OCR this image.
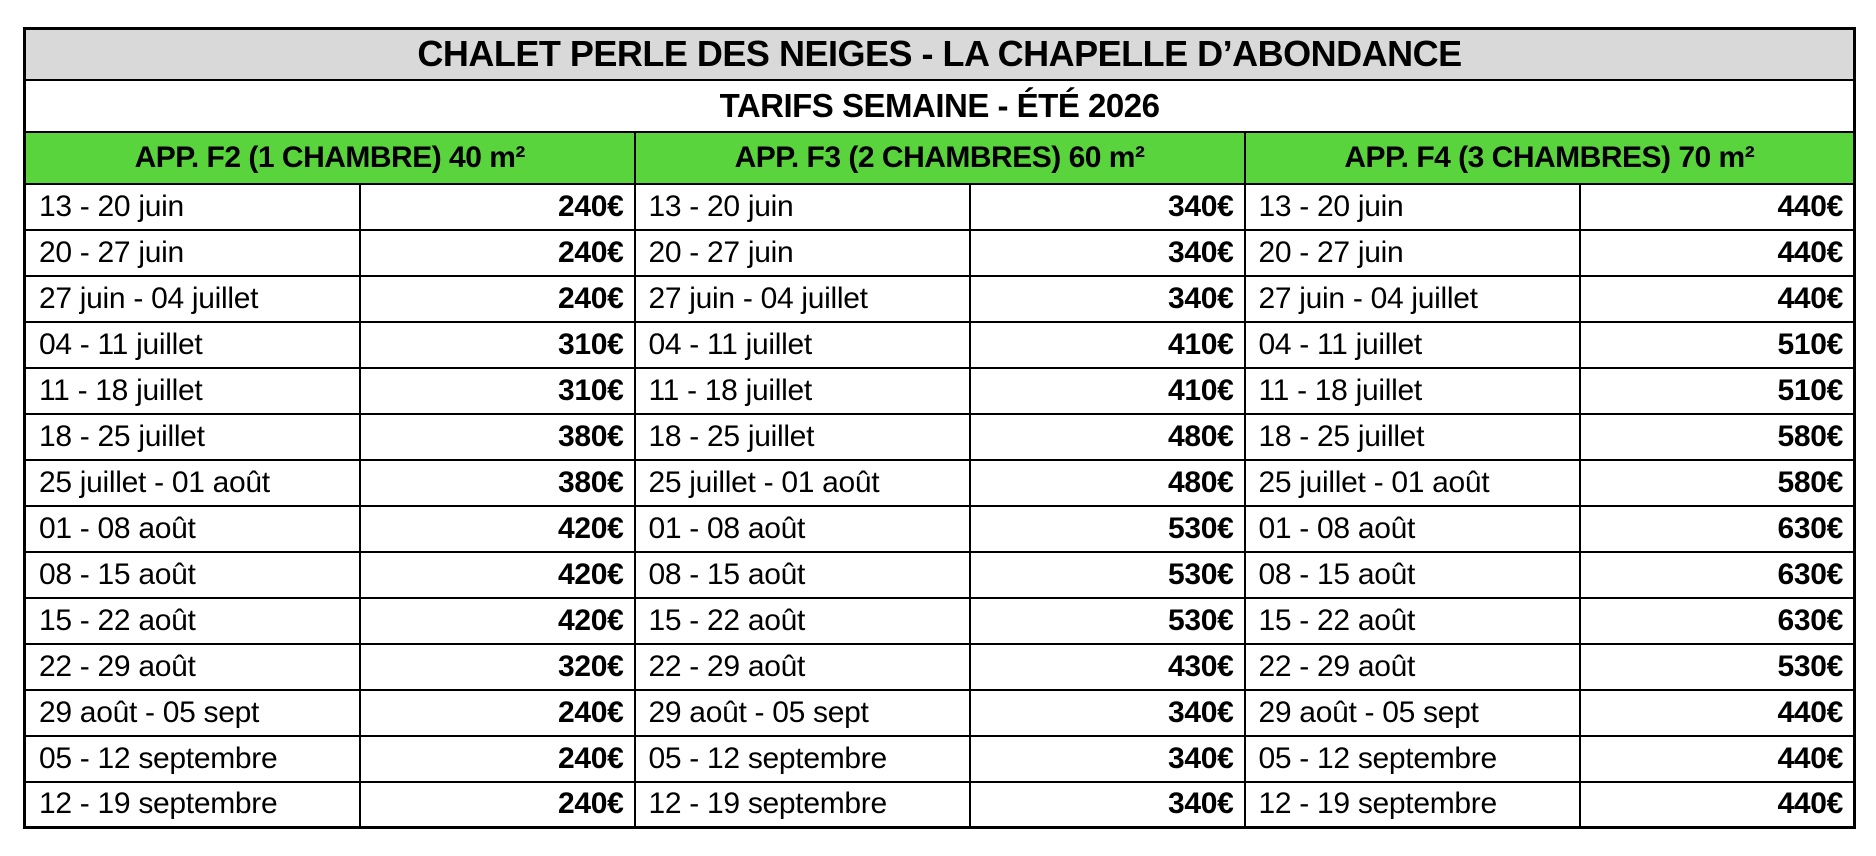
CHALET PERLE DES NEIGES - LA CHAPELLE D’ABONDANCE					
TARIFS SEMAINE - ÉTÉ 2026					
APP. F2 (1 CHAMBRE) 40 m²		APP. F3 (2 CHAMBRES) 60 m²		APP. F4 (3 CHAMBRES) 70 m²	
13 - 20 juin	240€	13 - 20 juin	340€	13 - 20 juin	440€
20 - 27 juin	240€	20 - 27 juin	340€	20 - 27 juin	440€
27 juin - 04 juillet	240€	27 juin - 04 juillet	340€	27 juin - 04 juillet	440€
04 - 11 juillet	310€	04 - 11 juillet	410€	04 - 11 juillet	510€
11 - 18 juillet	310€	11 - 18 juillet	410€	11 - 18 juillet	510€
18 - 25 juillet	380€	18 - 25 juillet	480€	18 - 25 juillet	580€
25 juillet - 01 août	380€	25 juillet - 01 août	480€	25 juillet - 01 août	580€
01 - 08 août	420€	01 - 08 août	530€	01 - 08 août	630€
08 - 15 août	420€	08 - 15 août	530€	08 - 15 août	630€
15 - 22 août	420€	15 - 22 août	530€	15 - 22 août	630€
22 - 29 août	320€	22 - 29 août	430€	22 - 29 août	530€
29 août - 05 sept	240€	29 août - 05 sept	340€	29 août - 05 sept	440€
05 - 12 septembre	240€	05 - 12 septembre	340€	05 - 12 septembre	440€
12 - 19 septembre	240€	12 - 19 septembre	340€	12 - 19 septembre	440€
